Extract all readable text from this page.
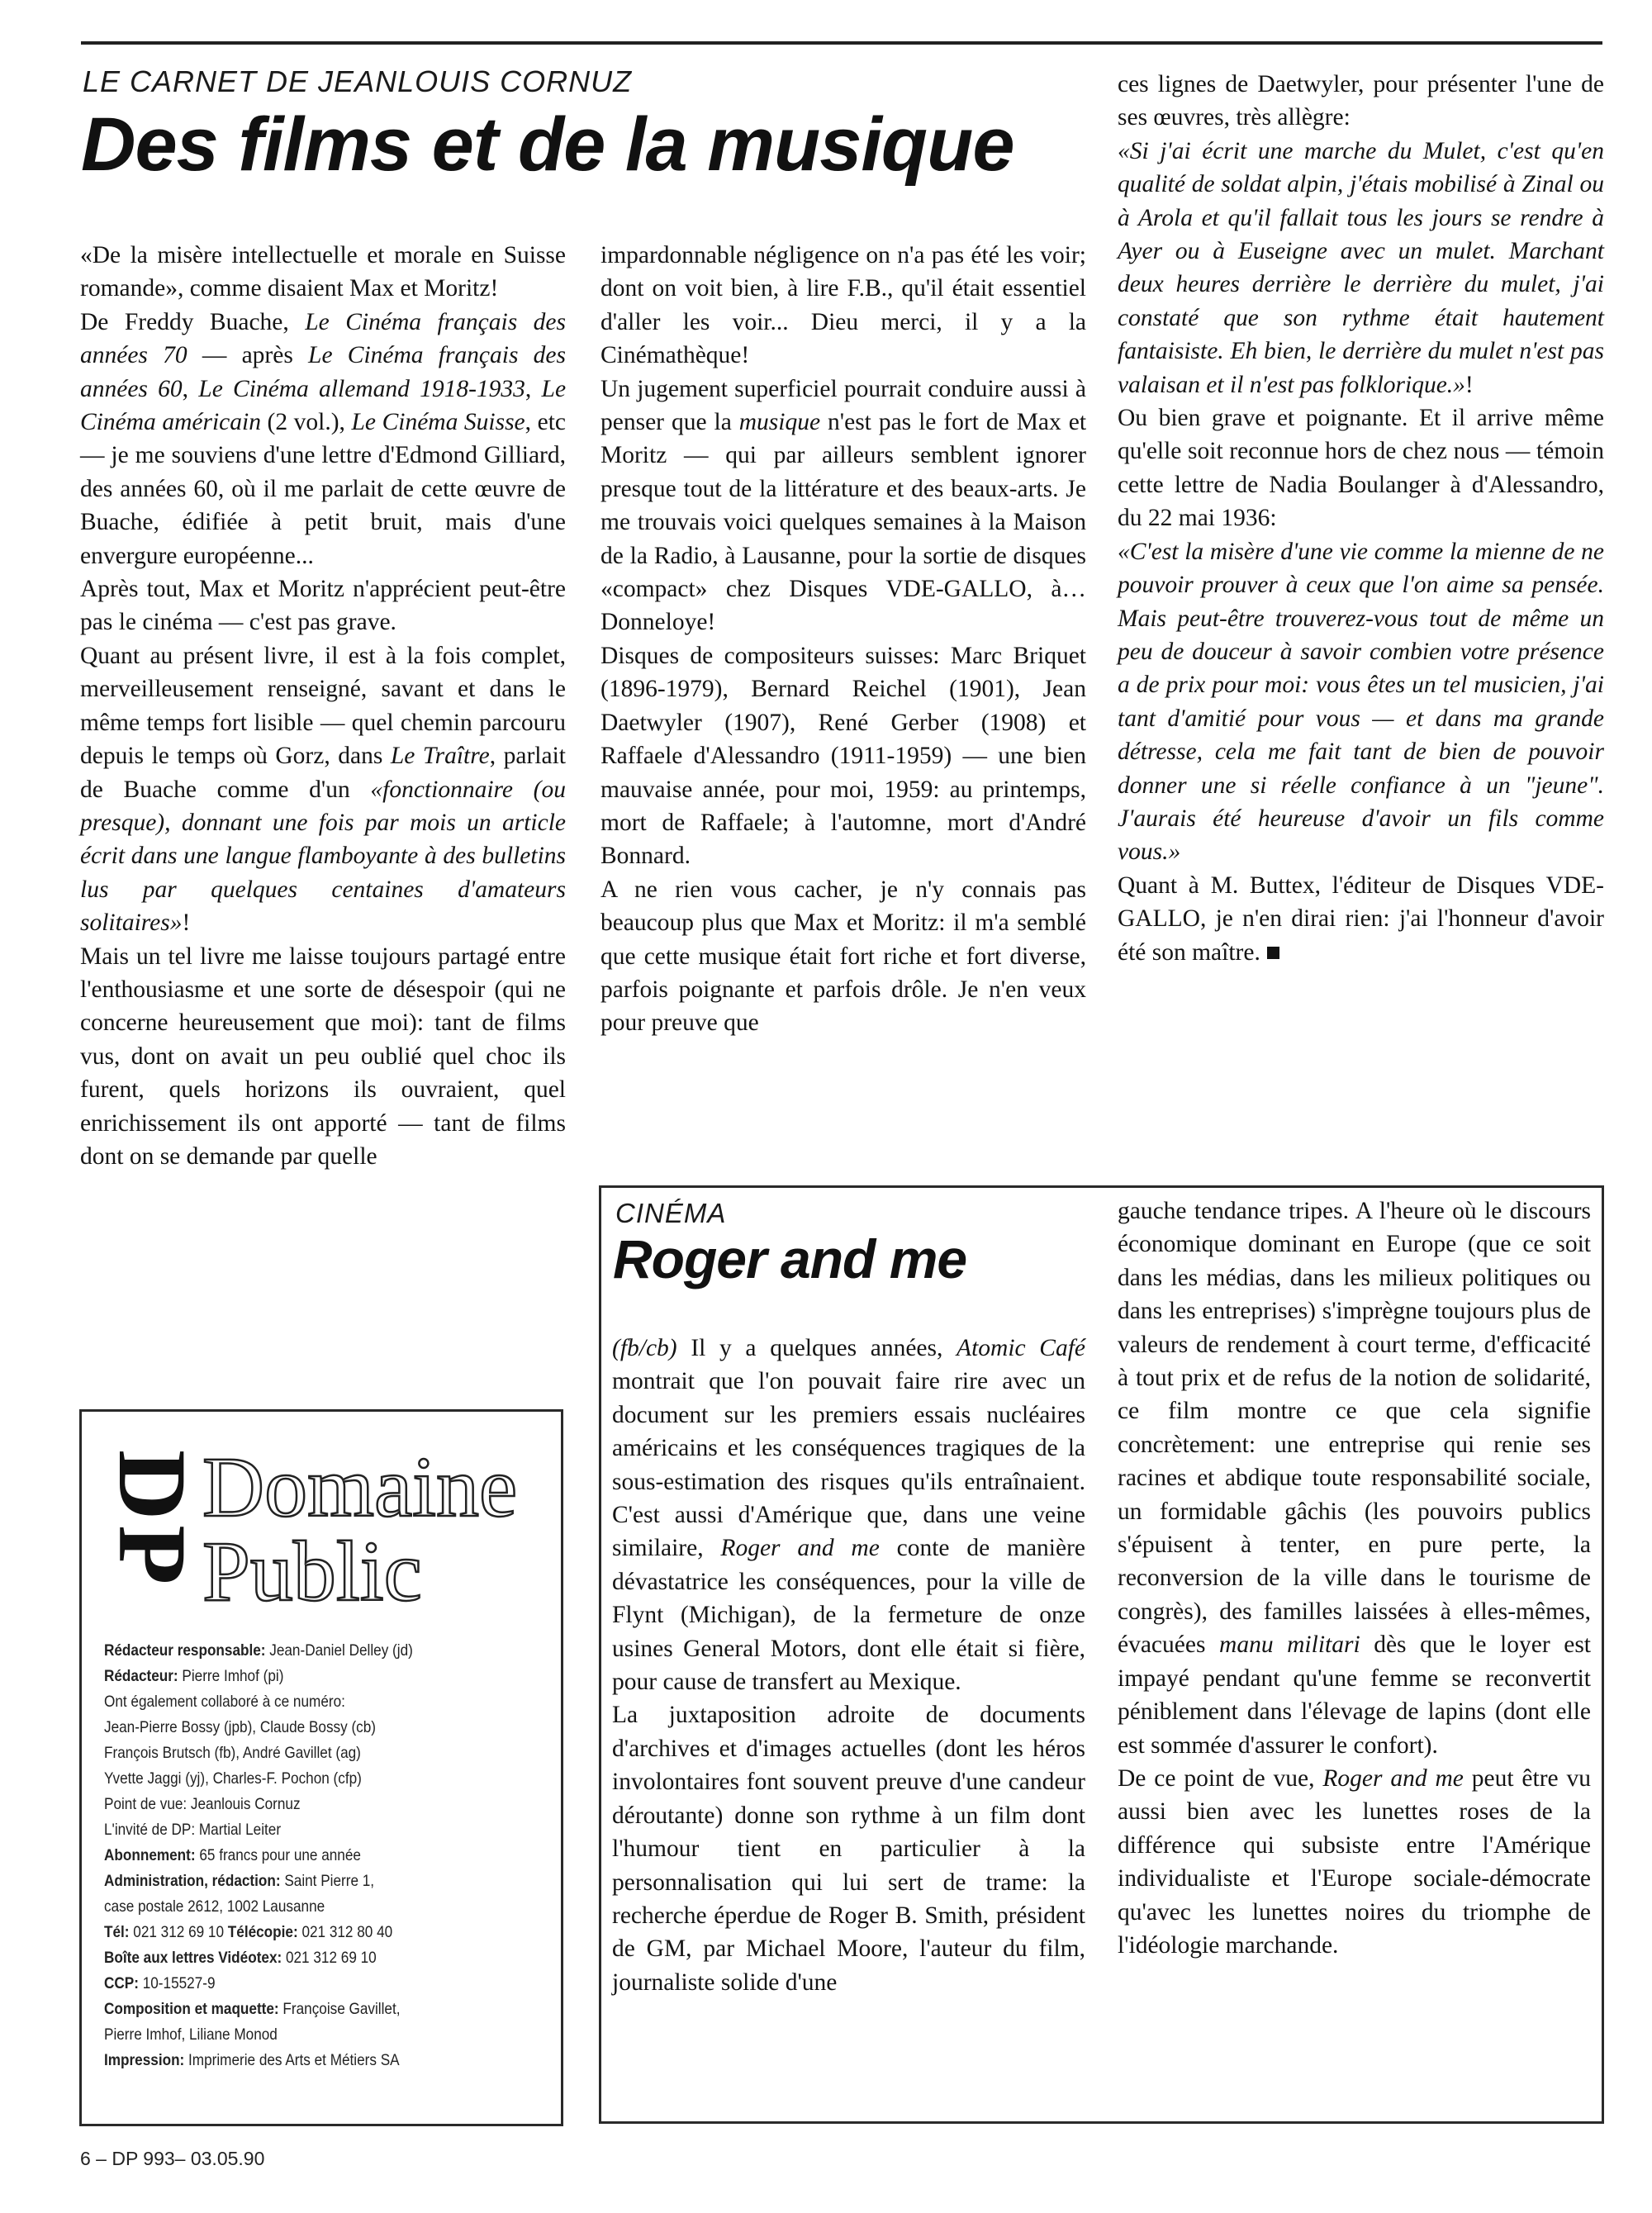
LE CARNET DE JEANLOUIS CORNUZ
Des films et de la musique

«De la misère intellectuelle et morale en Suisse romande», comme disaient Max et Moritz!

De Freddy Buache, Le Cinéma français des années 70 — après Le Cinéma français des années 60, Le Cinéma allemand 1918-1933, Le Cinéma américain (2 vol.), Le Cinéma Suisse, etc — je me souviens d'une lettre d'Edmond Gilliard, des années 60, où il me parlait de cette œuvre de Buache, édifiée à petit bruit, mais d'une envergure européenne...

Après tout, Max et Moritz n'apprécient peut-être pas le cinéma — c'est pas grave.

Quant au présent livre, il est à la fois complet, merveilleusement renseigné, savant et dans le même temps fort lisible — quel chemin parcouru depuis le temps où Gorz, dans Le Traître, parlait de Buache comme d'un «fonctionnaire (ou presque), donnant une fois par mois un article écrit dans une langue flamboyante à des bulletins lus par quelques centaines d'amateurs solitaires»!

Mais un tel livre me laisse toujours partagé entre l'enthousiasme et une sorte de désespoir (qui ne concerne heureusement que moi): tant de films vus, dont on avait un peu oublié quel choc ils furent, quels horizons ils ouvraient, quel enrichissement ils ont apporté — tant de films dont on se demande par quelle

impardonnable négligence on n'a pas été les voir; dont on voit bien, à lire F.B., qu'il était essentiel d'aller les voir... Dieu merci, il y a la Cinémathèque!

Un jugement superficiel pourrait conduire aussi à penser que la musique n'est pas le fort de Max et Moritz — qui par ailleurs semblent ignorer presque tout de la littérature et des beaux-arts. Je me trouvais voici quelques semaines à la Maison de la Radio, à Lausanne, pour la sortie de disques «compact» chez Disques VDE-GALLO, à… Donneloye!

Disques de compositeurs suisses: Marc Briquet (1896-1979), Bernard Reichel (1901), Jean Daetwyler (1907), René Gerber (1908) et Raffaele d'Alessandro (1911-1959) — une bien mauvaise année, pour moi, 1959: au printemps, mort de Raffaele; à l'automne, mort d'André Bonnard.

A ne rien vous cacher, je n'y connais pas beaucoup plus que Max et Moritz: il m'a semblé que cette musique était fort riche et fort diverse, parfois poignante et parfois drôle. Je n'en veux pour preuve que

ces lignes de Daetwyler, pour présenter l'une de ses œuvres, très allègre:

«Si j'ai écrit une marche du Mulet, c'est qu'en qualité de soldat alpin, j'étais mobilisé à Zinal ou à Arola et qu'il fallait tous les jours se rendre à Ayer ou à Euseigne avec un mulet. Marchant deux heures derrière le derrière du mulet, j'ai constaté que son rythme était hautement fantaisiste. Eh bien, le derrière du mulet n'est pas valaisan et il n'est pas folklorique.»!

Ou bien grave et poignante. Et il arrive même qu'elle soit reconnue hors de chez nous — témoin cette lettre de Nadia Boulanger à d'Alessandro, du 22 mai 1936:

«C'est la misère d'une vie comme la mienne de ne pouvoir prouver à ceux que l'on aime sa pensée. Mais peut-être trouverez-vous tout de même un peu de douceur à savoir combien votre présence a de prix pour moi: vous êtes un tel musicien, j'ai tant d'amitié pour vous — et dans ma grande détresse, cela me fait tant de bien de pouvoir donner une si réelle confiance à un "jeune". J'aurais été heureuse d'avoir un fils comme vous.»

Quant à M. Buttex, l'éditeur de Disques VDE-GALLO, je n'en dirai rien: j'ai l'honneur d'avoir été son maître.

DP
Domaine
Public
Rédacteur responsable: Jean-Daniel Delley (jd)
Rédacteur: Pierre Imhof (pi)
Ont également collaboré à ce numéro:
Jean-Pierre Bossy (jpb), Claude Bossy (cb)
François Brutsch (fb), André Gavillet (ag)
Yvette Jaggi (yj), Charles-F. Pochon (cfp)
Point de vue: Jeanlouis Cornuz
L'invité de DP: Martial Leiter
Abonnement: 65 francs pour une année
Administration, rédaction: Saint Pierre 1,
case postale 2612, 1002 Lausanne
Tél: 021 312 69 10 Télécopie: 021 312 80 40
Boîte aux lettres Vidéotex: 021 312 69 10
CCP: 10-15527-9
Composition et maquette: Françoise Gavillet,
Pierre Imhof, Liliane Monod
Impression: Imprimerie des Arts et Métiers SA
CINÉMA
Roger and me

(fb/cb) Il y a quelques années, Atomic Café montrait que l'on pouvait faire rire avec un document sur les premiers essais nucléaires américains et les conséquences tragiques de la sous-estimation des risques qu'ils entraînaient. C'est aussi d'Amérique que, dans une veine similaire, Roger and me conte de manière dévastatrice les conséquences, pour la ville de Flynt (Michigan), de la fermeture de onze usines General Motors, dont elle était si fière, pour cause de transfert au Mexique.

La juxtaposition adroite de documents d'archives et d'images actuelles (dont les héros involontaires font souvent preuve d'une candeur déroutante) donne son rythme à un film dont l'humour tient en particulier à la personnalisation qui lui sert de trame: la recherche éperdue de Roger B. Smith, président de GM, par Michael Moore, l'auteur du film, journaliste solide d'une

gauche tendance tripes. A l'heure où le discours économique dominant en Europe (que ce soit dans les médias, dans les milieux politiques ou dans les entreprises) s'imprègne toujours plus de valeurs de rendement à court terme, d'efficacité à tout prix et de refus de la notion de solidarité, ce film montre ce que cela signifie concrètement: une entreprise qui renie ses racines et abdique toute responsabilité sociale, un formidable gâchis (les pouvoirs publics s'épuisent à tenter, en pure perte, la reconversion de la ville dans le tourisme de congrès), des familles laissées à elles-mêmes, évacuées manu militari dès que le loyer est impayé pendant qu'une femme se reconvertit péniblement dans l'élevage de lapins (dont elle est sommée d'assurer le confort).

De ce point de vue, Roger and me peut être vu aussi bien avec les lunettes roses de la différence qui subsiste entre l'Amérique individualiste et l'Europe sociale-démocrate qu'avec les lunettes noires du triomphe de l'idéologie marchande.

6 – DP 993– 03.05.90
